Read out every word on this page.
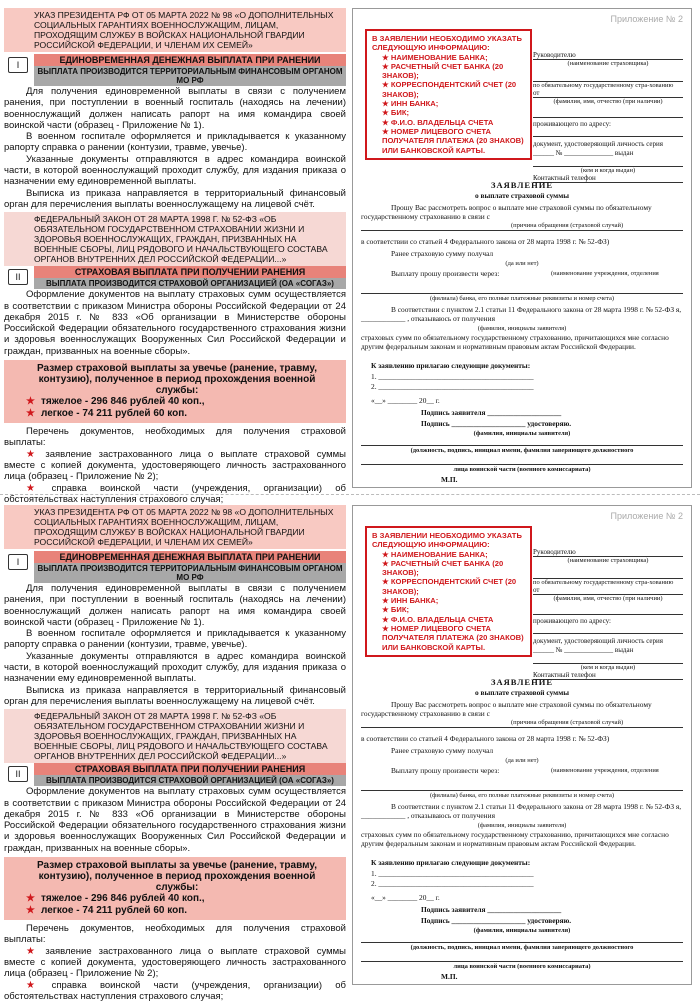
УКАЗ ПРЕЗИДЕНТА РФ ОТ 05 МАРТА 2022 № 98 «О ДОПОЛНИТЕЛЬНЫХ СОЦИАЛЬНЫХ ГАРАНТИЯХ ВОЕННОСЛУЖАЩИМ, ЛИЦАМ, ПРОХОДЯЩИМ СЛУЖБУ В ВОЙСКАХ НАЦИОНАЛЬНОЙ ГВАРДИИ РОССИЙСКОЙ ФЕДЕРАЦИИ, И ЧЛЕНАМ ИХ СЕМЕЙ»
I	ЕДИНОВРЕМЕННАЯ ДЕНЕЖНАЯ ВЫПЛАТА ПРИ РАНЕНИИ
ВЫПЛАТА ПРОИЗВОДИТСЯ ТЕРРИТОРИАЛЬНЫМ ФИНАНСОВЫМ ОРГАНОМ МО РФ

Для получения единовременной выплаты в связи с получением ранения, при поступлении в военный госпиталь (находясь на лечении) военнослужащий должен написать рапорт на имя командира своей воинской части (образец - Приложение № 1).

В военном госпитале оформляется и прикладывается к указанному рапорту справка о ранении (контузии, травме, увечье).

Указанные документы отправляются в адрес командира воинской части, в которой военнослужащий проходит службу, для издания приказа о назначении ему единовременной выплаты.

Выписка из приказа направляется в территориальный финансовый орган для перечисления выплаты военнослужащему на лицевой счёт.

ФЕДЕРАЛЬНЫЙ ЗАКОН ОТ 28 МАРТА 1998 Г. № 52-ФЗ «ОБ ОБЯЗАТЕЛЬНОМ ГОСУДАРСТВЕННОМ СТРАХОВАНИИ ЖИЗНИ И ЗДОРОВЬЯ ВОЕННОСЛУЖАЩИХ, ГРАЖДАН, ПРИЗВАННЫХ НА ВОЕННЫЕ СБОРЫ, ЛИЦ РЯДОВОГО И НАЧАЛЬСТВУЮЩЕГО СОСТАВА ОРГАНОВ ВНУТРЕННИХ ДЕЛ РОССИЙСКОЙ ФЕДЕРАЦИИ...»
II	СТРАХОВАЯ ВЫПЛАТА ПРИ ПОЛУЧЕНИИ РАНЕНИЯ
ВЫПЛАТА ПРОИЗВОДИТСЯ СТРАХОВОЙ ОРГАНИЗАЦИЕЙ (ОА «СОГАЗ»)

Оформление документов на выплату страховых сумм осуществляется в соответствии с приказом Министра обороны Российской Федерации от 24 декабря 2015 г. № 833 «Об организации в Министерстве обороны Российской Федерации обязательного государственного страхования жизни и здоровья военнослужащих Вооруженных Сил Российской Федерации и граждан, призванных на военные сборы».

Размер страховой выплаты за увечье (ранение, травму, контузию), полученное в период прохождения военной службы:
★ тяжелое - 296 846 рублей 40 коп.,
★ легкое - 74 211 рублей 60 коп.

Перечень документов, необходимых для получения страховой выплаты:

★ заявление застрахованного лица о выплате страховой суммы вместе с копией документа, удостоверяющего личность застрахованного лица (образец - Приложение № 2);

★ справка воинской части (учреждения, организации) об обстоятельствах наступления страхового случая;

Приложение № 2
В ЗАЯВЛЕНИИ НЕОБХОДИМО УКАЗАТЬ СЛЕДУЮЩУЮ ИНФОРМАЦИЮ:
★ НАИМЕНОВАНИЕ БАНКА;
★ РАСЧЕТНЫЙ СЧЕТ БАНКА (20 ЗНАКОВ);
★ КОРРЕСПОНДЕНТСКИЙ СЧЕТ (20 ЗНАКОВ);
★ ИНН БАНКА;
★ БИК;
★ Ф.И.О. ВЛАДЕЛЬЦА СЧЕТА
★ НОМЕР ЛИЦЕВОГО СЧЕТА ПОЛУЧАТЕЛЯ ПЛАТЕЖА (20 ЗНАКОВ) ИЛИ БАНКОВСКОЙ КАРТЫ.
Руководителю
(наименование страховщика)
по обязательному государственному стра-хованию
от
(фамилия, имя, отчество (при наличии)
проживающего по адресу:
документ, удостоверяющий личность серия ______ № ______________ выдан
(кем и когда выдан)
Контактный телефон
ЗАЯВЛЕНИЕ
о выплате страховой суммы
Прошу Вас рассмотреть вопрос о выплате мне страховой суммы по обязательному государственному страхованию в связи с
(причина обращения (страховой случай)
в соответствии со статьей 4 Федерального закона от 28 марта 1998 г. № 52-ФЗ)
Ранее страховую сумму получал
(да или нет)
Выплату прошу произвести через:	(наименование учреждения, отделения
(филиала) банка, его полные платежные реквизиты и номер счета)
В соответствии с пунктом 2.1 статьи 11 Федерального закона от 28 марта 1998 г. № 52-ФЗ я, ____________ , отказываюсь от получения
(фамилия, инициалы заявителя)
страховых сумм по обязательному государственному страхованию, причитающихся мне согласно другим федеральным законам и нормативным правовым актам Российской Федерации.
К заявлению прилагаю следующие документы:
1. __________________________________________
2. __________________________________________
«__» ________ 20__ г.
Подпись заявителя ____________________
Подпись ____________________ удостоверяю.
(фамилия, инициалы заявителя)
(должность, подпись, инициал имени, фамилия заверяющего должностного
лица воинской части (военного комиссариата)
М.П.
УКАЗ ПРЕЗИДЕНТА РФ ОТ 05 МАРТА 2022 № 98 «О ДОПОЛНИТЕЛЬНЫХ СОЦИАЛЬНЫХ ГАРАНТИЯХ ВОЕННОСЛУЖАЩИМ, ЛИЦАМ, ПРОХОДЯЩИМ СЛУЖБУ В ВОЙСКАХ НАЦИОНАЛЬНОЙ ГВАРДИИ РОССИЙСКОЙ ФЕДЕРАЦИИ, И ЧЛЕНАМ ИХ СЕМЕЙ»
I	ЕДИНОВРЕМЕННАЯ ДЕНЕЖНАЯ ВЫПЛАТА ПРИ РАНЕНИИ
ВЫПЛАТА ПРОИЗВОДИТСЯ ТЕРРИТОРИАЛЬНЫМ ФИНАНСОВЫМ ОРГАНОМ МО РФ

Для получения единовременной выплаты в связи с получением ранения, при поступлении в военный госпиталь (находясь на лечении) военнослужащий должен написать рапорт на имя командира своей воинской части (образец - Приложение № 1).

В военном госпитале оформляется и прикладывается к указанному рапорту справка о ранении (контузии, травме, увечье).

Указанные документы отправляются в адрес командира воинской части, в которой военнослужащий проходит службу, для издания приказа о назначении ему единовременной выплаты.

Выписка из приказа направляется в территориальный финансовый орган для перечисления выплаты военнослужащему на лицевой счёт.

ФЕДЕРАЛЬНЫЙ ЗАКОН ОТ 28 МАРТА 1998 Г. № 52-ФЗ «ОБ ОБЯЗАТЕЛЬНОМ ГОСУДАРСТВЕННОМ СТРАХОВАНИИ ЖИЗНИ И ЗДОРОВЬЯ ВОЕННОСЛУЖАЩИХ, ГРАЖДАН, ПРИЗВАННЫХ НА ВОЕННЫЕ СБОРЫ, ЛИЦ РЯДОВОГО И НАЧАЛЬСТВУЮЩЕГО СОСТАВА ОРГАНОВ ВНУТРЕННИХ ДЕЛ РОССИЙСКОЙ ФЕДЕРАЦИИ...»
II	СТРАХОВАЯ ВЫПЛАТА ПРИ ПОЛУЧЕНИИ РАНЕНИЯ
ВЫПЛАТА ПРОИЗВОДИТСЯ СТРАХОВОЙ ОРГАНИЗАЦИЕЙ (ОА «СОГАЗ»)

Оформление документов на выплату страховых сумм осуществляется в соответствии с приказом Министра обороны Российской Федерации от 24 декабря 2015 г. № 833 «Об организации в Министерстве обороны Российской Федерации обязательного государственного страхования жизни и здоровья военнослужащих Вооруженных Сил Российской Федерации и граждан, призванных на военные сборы».

Размер страховой выплаты за увечье (ранение, травму, контузию), полученное в период прохождения военной службы:
★ тяжелое - 296 846 рублей 40 коп.,
★ легкое - 74 211 рублей 60 коп.

Перечень документов, необходимых для получения страховой выплаты:

★ заявление застрахованного лица о выплате страховой суммы вместе с копией документа, удостоверяющего личность застрахованного лица (образец - Приложение № 2);

★ справка воинской части (учреждения, организации) об обстоятельствах наступления страхового случая;

Приложение № 2
В ЗАЯВЛЕНИИ НЕОБХОДИМО УКАЗАТЬ СЛЕДУЮЩУЮ ИНФОРМАЦИЮ:
★ НАИМЕНОВАНИЕ БАНКА;
★ РАСЧЕТНЫЙ СЧЕТ БАНКА (20 ЗНАКОВ);
★ КОРРЕСПОНДЕНТСКИЙ СЧЕТ (20 ЗНАКОВ);
★ ИНН БАНКА;
★ БИК;
★ Ф.И.О. ВЛАДЕЛЬЦА СЧЕТА
★ НОМЕР ЛИЦЕВОГО СЧЕТА ПОЛУЧАТЕЛЯ ПЛАТЕЖА (20 ЗНАКОВ) ИЛИ БАНКОВСКОЙ КАРТЫ.
Руководителю
(наименование страховщика)
по обязательному государственному стра-хованию
от
(фамилия, имя, отчество (при наличии)
проживающего по адресу:
документ, удостоверяющий личность серия ______ № ______________ выдан
(кем и когда выдан)
Контактный телефон
ЗАЯВЛЕНИЕ
о выплате страховой суммы
Прошу Вас рассмотреть вопрос о выплате мне страховой суммы по обязательному государственному страхованию в связи с
(причина обращения (страховой случай)
в соответствии со статьей 4 Федерального закона от 28 марта 1998 г. № 52-ФЗ)
Ранее страховую сумму получал
(да или нет)
Выплату прошу произвести через:	(наименование учреждения, отделения
(филиала) банка, его полные платежные реквизиты и номер счета)
В соответствии с пунктом 2.1 статьи 11 Федерального закона от 28 марта 1998 г. № 52-ФЗ я, ____________ , отказываюсь от получения
(фамилия, инициалы заявителя)
страховых сумм по обязательному государственному страхованию, причитающихся мне согласно другим федеральным законам и нормативным правовым актам Российской Федерации.
К заявлению прилагаю следующие документы:
1. __________________________________________
2. __________________________________________
«__» ________ 20__ г.
Подпись заявителя ____________________
Подпись ____________________ удостоверяю.
(фамилия, инициалы заявителя)
(должность, подпись, инициал имени, фамилия заверяющего должностного
лица воинской части (военного комиссариата)
М.П.
